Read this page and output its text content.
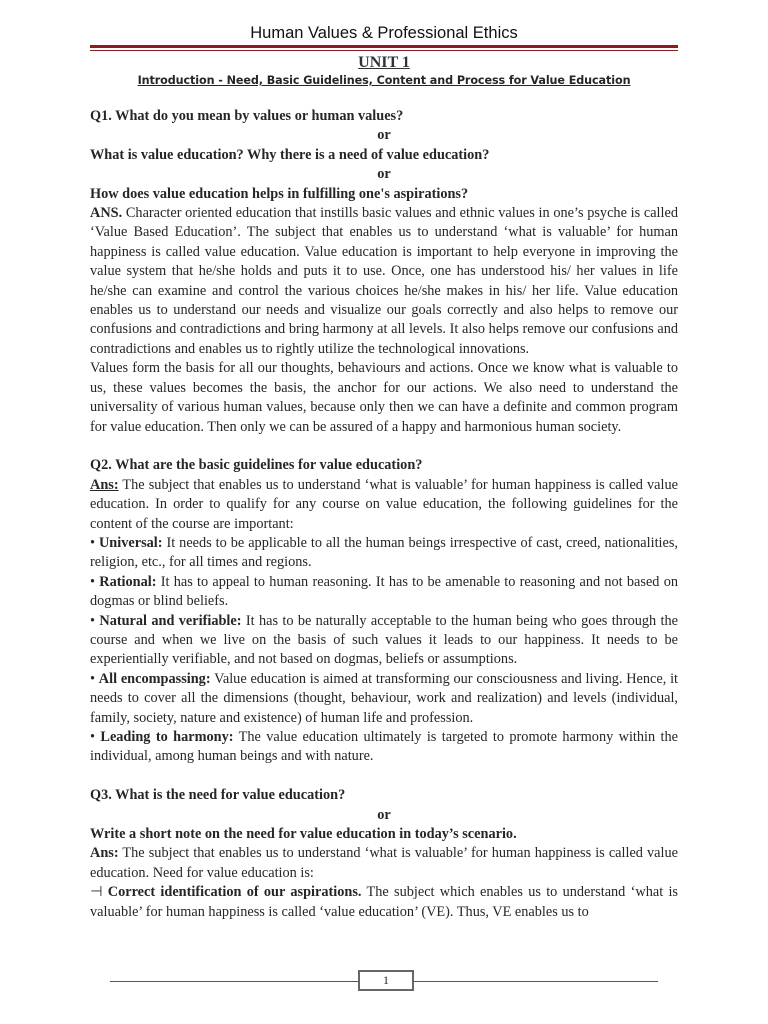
Human Values & Professional Ethics
UNIT 1
Introduction - Need, Basic Guidelines, Content and Process for Value Education

Q1. What do you mean by values or human values?

or

What is value education? Why there is a need of value education?

or

How does value education helps in fulfilling one's aspirations?

ANS. Character oriented education that instills basic values and ethnic values in one’s psyche is called ‘Value Based Education’. The subject that enables us to understand ‘what is valuable’ for human happiness is called value education. Value education is important to help everyone in improving the value system that he/she holds and puts it to use. Once, one has understood his/ her values in life he/she can examine and control the various choices he/she makes in his/ her life. Value education enables us to understand our needs and visualize our goals correctly and also helps to remove our confusions and contradictions and bring harmony at all levels. It also helps remove our confusions and contradictions and enables us to rightly utilize the technological innovations.

Values form the basis for all our thoughts, behaviours and actions. Once we know what is valuable to us, these values becomes the basis, the anchor for our actions. We also need to understand the universality of various human values, because only then we can have a definite and common program for value education. Then only we can be assured of a happy and harmonious human society.

Q2. What are the basic guidelines for value education?

Ans: The subject that enables us to understand ‘what is valuable’ for human happiness is called value education. In order to qualify for any course on value education, the following guidelines for the content of the course are important:

• Universal: It needs to be applicable to all the human beings irrespective of cast, creed, nationalities, religion, etc., for all times and regions.

• Rational: It has to appeal to human reasoning. It has to be amenable to reasoning and not based on dogmas or blind beliefs.

• Natural and verifiable: It has to be naturally acceptable to the human being who goes through the course and when we live on the basis of such values it leads to our happiness. It needs to be experientially verifiable, and not based on dogmas, beliefs or assumptions.

• All encompassing: Value education is aimed at transforming our consciousness and living. Hence, it needs to cover all the dimensions (thought, behaviour, work and realization) and levels (individual, family, society, nature and existence) of human life and profession.

• Leading to harmony: The value education ultimately is targeted to promote harmony within the individual, among human beings and with nature.

Q3. What is the need for value education?

or

Write a short note on the need for value education in today’s scenario.

Ans: The subject that enables us to understand ‘what is valuable’ for human happiness is called value education. Need for value education is:

⊣ Correct identification of our aspirations. The subject which enables us to understand ‘what is valuable’ for human happiness is called ‘value education’ (VE). Thus, VE enables us to

1
